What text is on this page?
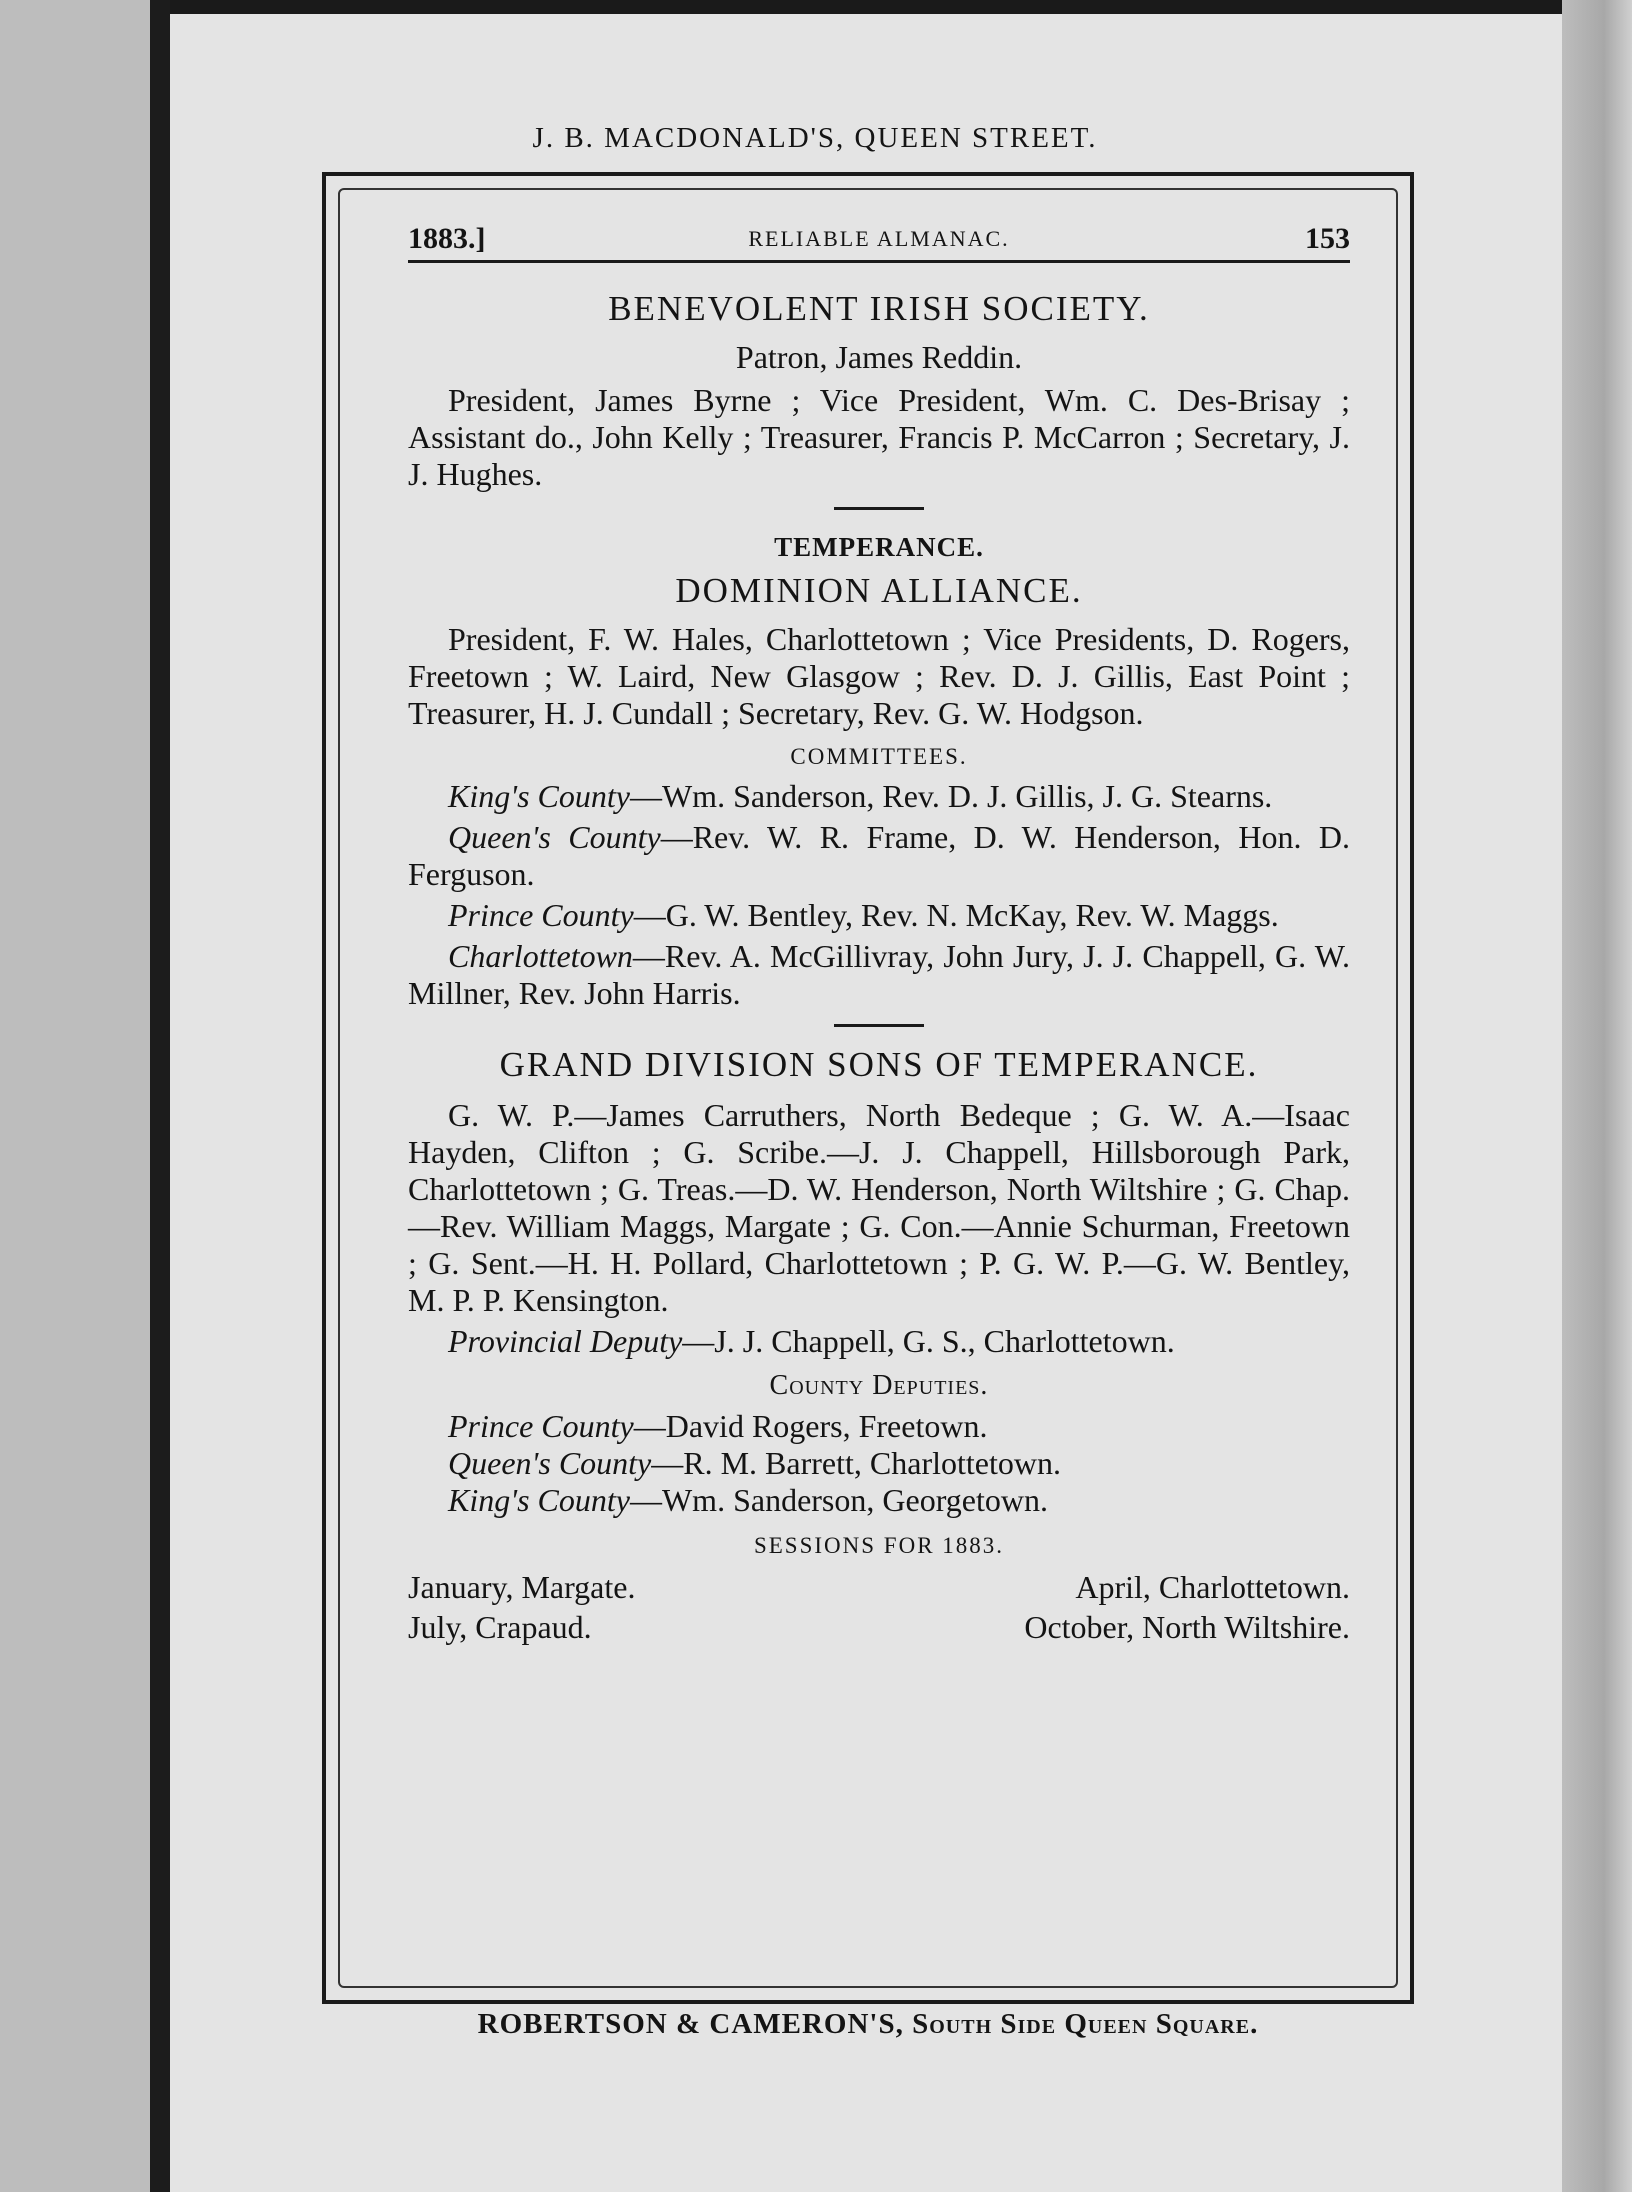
J. B. MACDONALD'S, QUEEN STREET.
1883.]	RELIABLE ALMANAC.	153

BENEVOLENT IRISH SOCIETY.

Patron, James Reddin.

President, James Byrne ; Vice President, Wm. C. Des-Brisay ; Assistant do., John Kelly ; Treasurer, Francis P. McCarron ; Secretary, J. J. Hughes.

TEMPERANCE.

DOMINION ALLIANCE.

President, F. W. Hales, Charlottetown ; Vice Presidents, D. Rogers, Freetown ; W. Laird, New Glasgow ; Rev. D. J. Gillis, East Point ; Treasurer, H. J. Cundall ; Secretary, Rev. G. W. Hodgson.

COMMITTEES.

King's County—Wm. Sanderson, Rev. D. J. Gillis, J. G. Stearns.

Queen's County—Rev. W. R. Frame, D. W. Henderson, Hon. D. Ferguson.

Prince County—G. W. Bentley, Rev. N. McKay, Rev. W. Maggs.

Charlottetown—Rev. A. McGillivray, John Jury, J. J. Chappell, G. W. Millner, Rev. John Harris.

GRAND DIVISION SONS OF TEMPERANCE.

G. W. P.—James Carruthers, North Bedeque ; G. W. A.—Isaac Hayden, Clifton ; G. Scribe.—J. J. Chappell, Hillsborough Park, Charlottetown ; G. Treas.—D. W. Henderson, North Wiltshire ; G. Chap.—Rev. William Maggs, Margate ; G. Con.—Annie Schurman, Freetown ; G. Sent.—H. H. Pollard, Charlottetown ; P. G. W. P.—G. W. Bentley, M. P. P. Kensington.

Provincial Deputy—J. J. Chappell, G. S., Charlottetown.

County Deputies.

Prince County—David Rogers, Freetown.

Queen's County—R. M. Barrett, Charlottetown.

King's County—Wm. Sanderson, Georgetown.

SESSIONS FOR 1883.

January, Margate.	April, Charlottetown.
July, Crapaud.	October, North Wiltshire.
ROBERTSON & CAMERON'S, South Side Queen Square.
